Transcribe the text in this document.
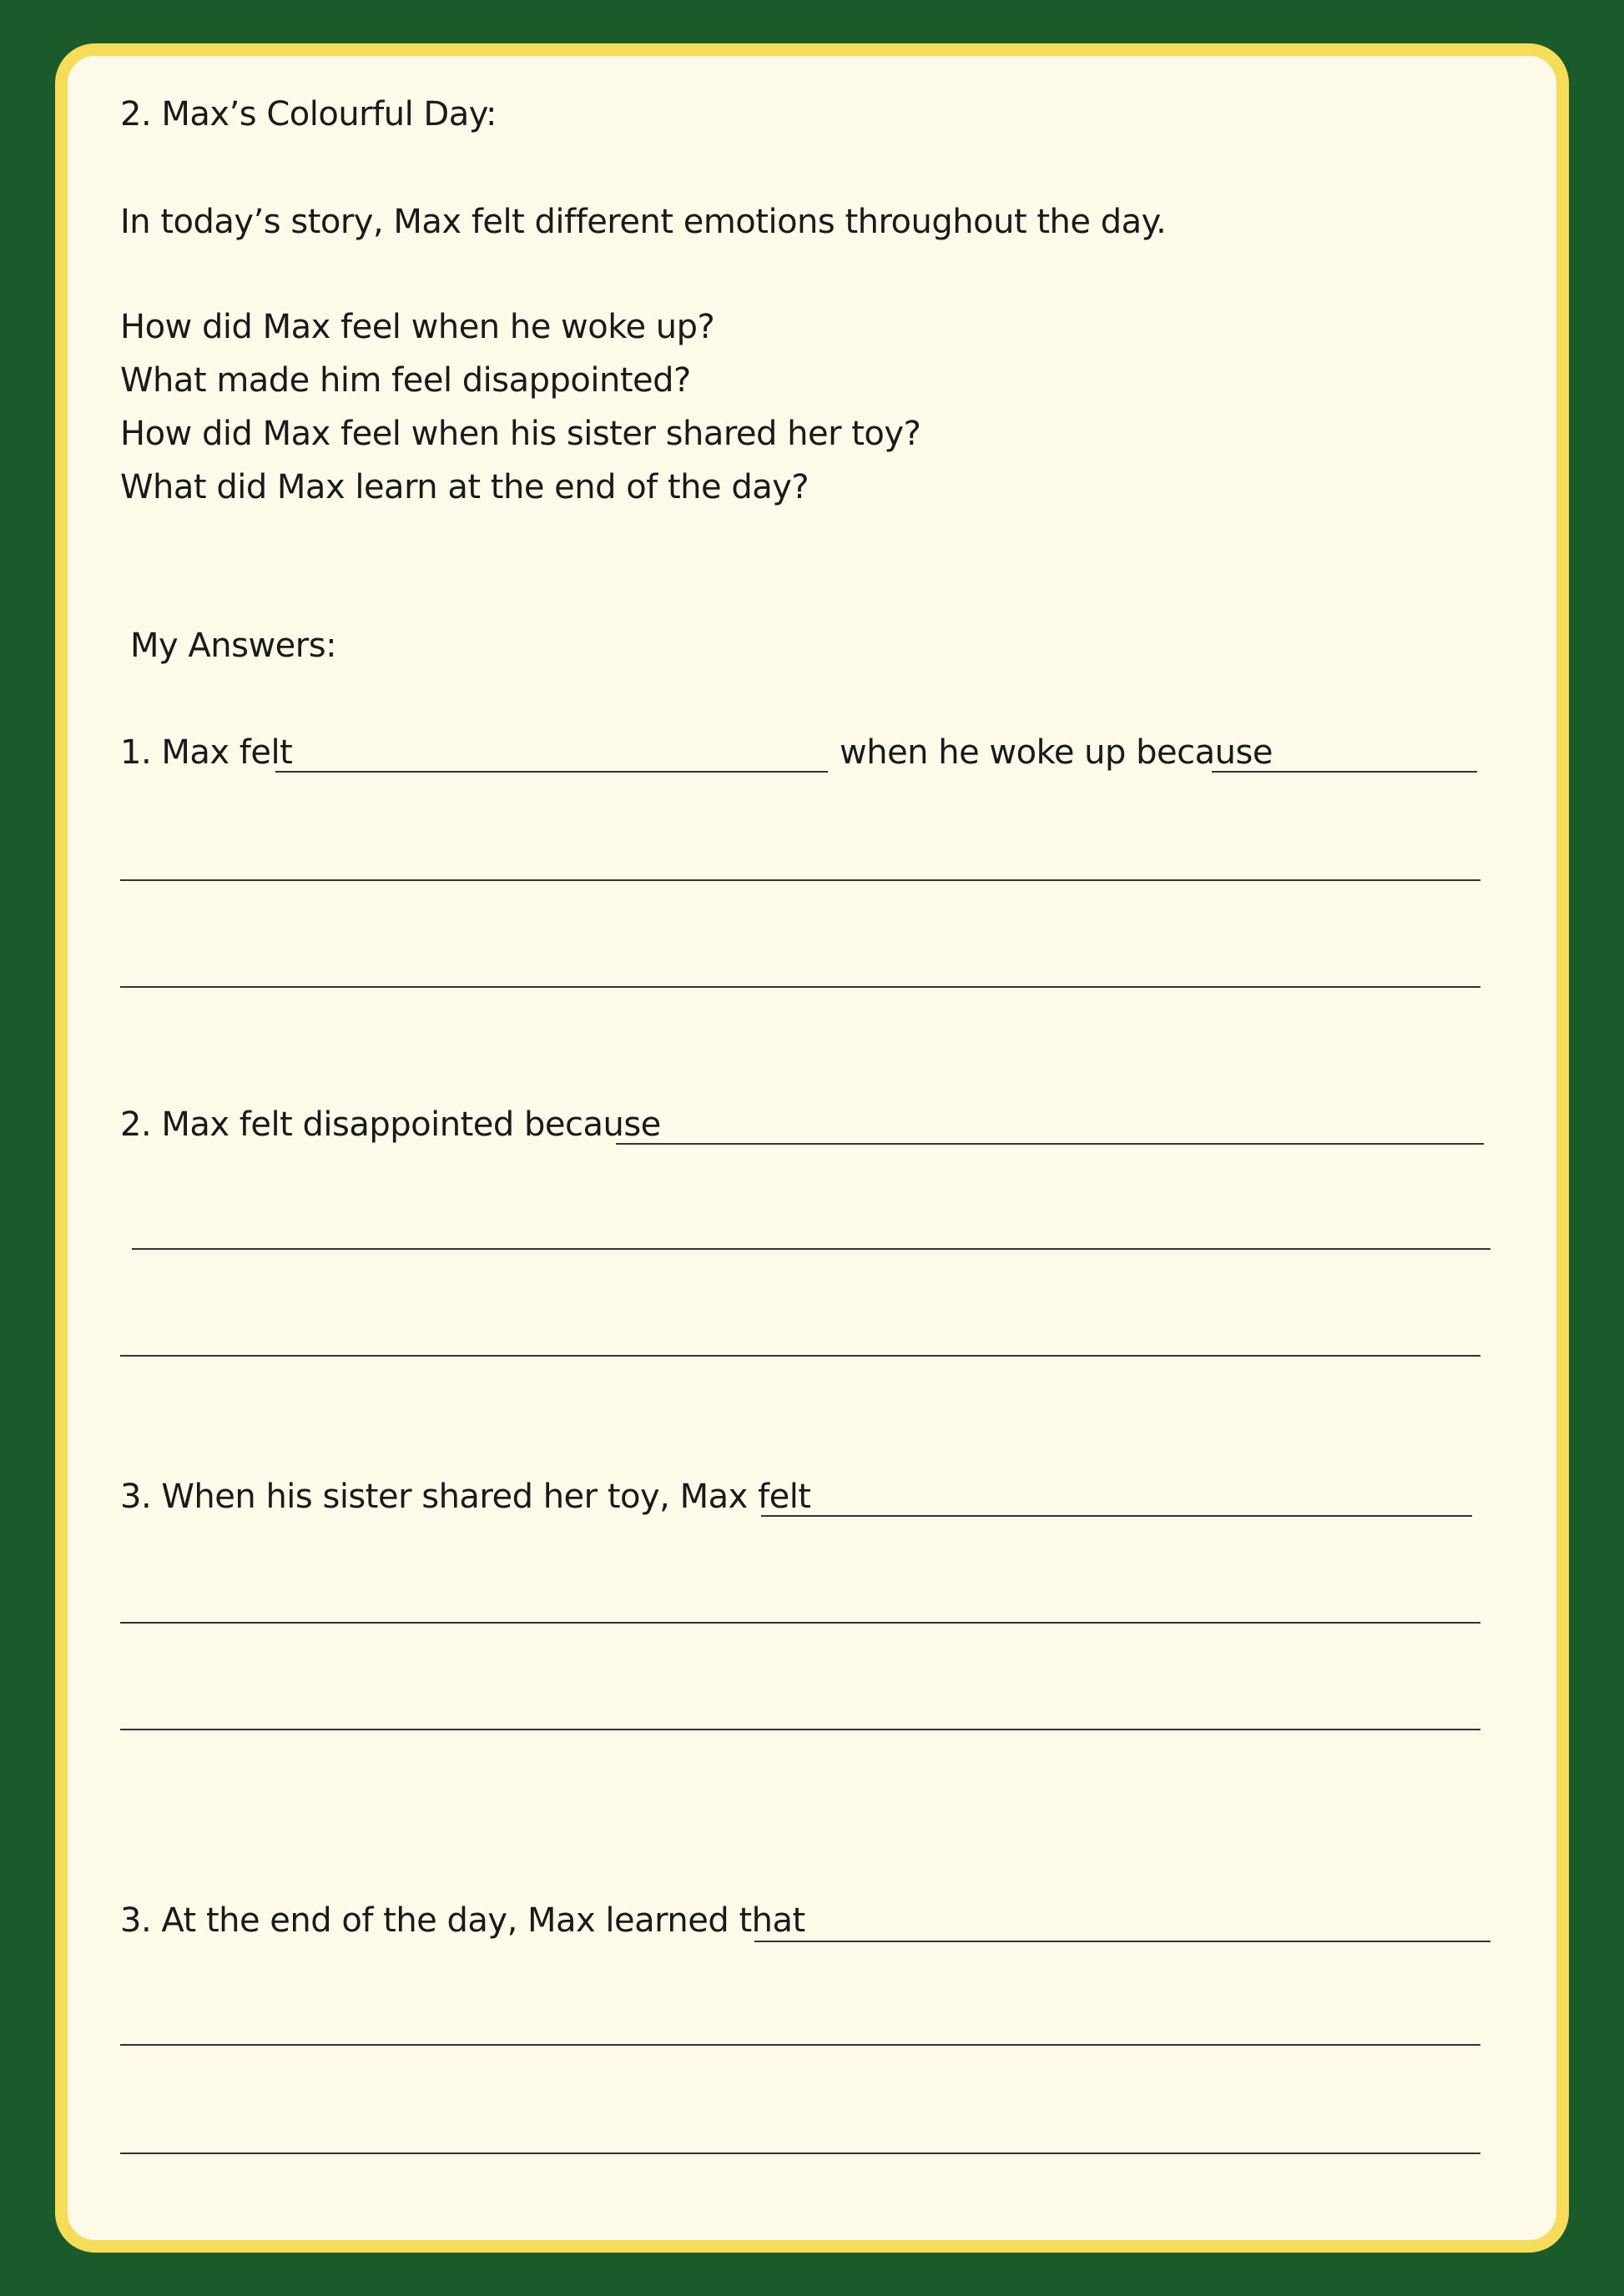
2. Max’s Colourful Day:
In today’s story, Max felt different emotions throughout the day.
How did Max feel when he woke up?
What made him feel disappointed?
How did Max feel when his sister shared her toy?
What did Max learn at the end of the day?
My Answers:
1. Max felt	when he woke up because
2. Max felt disappointed because
3. When his sister shared her toy, Max felt
3. At the end of the day, Max learned that
